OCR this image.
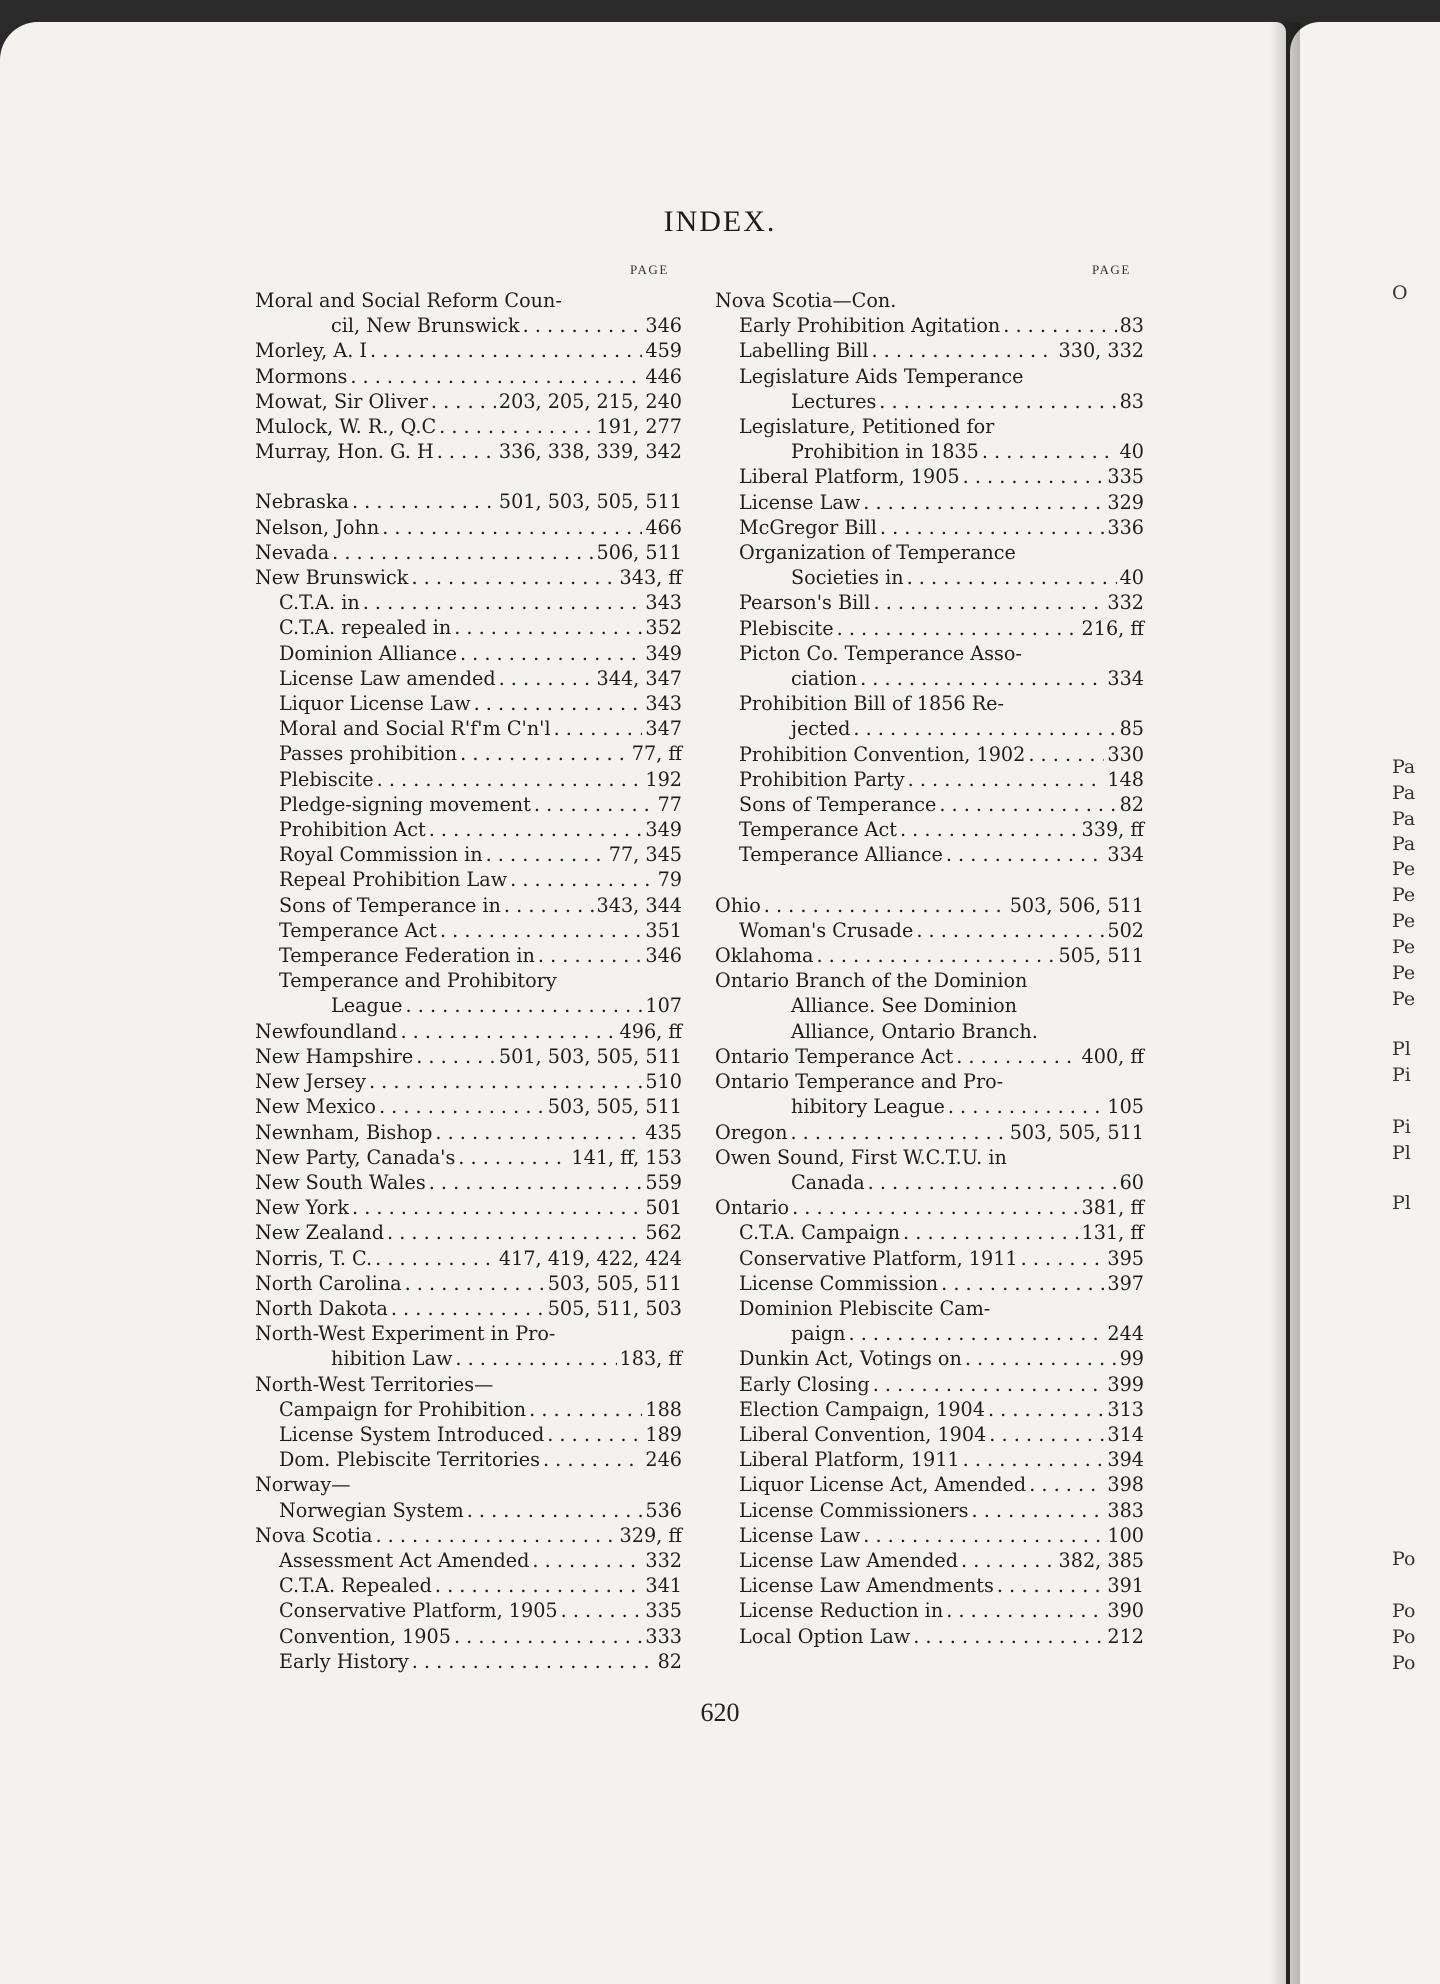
INDEX.
PAGE	PAGE
Moral and Social Reform Coun-
cil, New Brunswick . . .	346
Morley, A. I . . .	459
Mormons . . .	446
Mowat, Sir Oliver . . .	203, 205, 215, 240
Mulock, W. R., Q.C . . .	191, 277
Murray, Hon. G. H . . .	336, 338, 339, 342
Nebraska . . .	501, 503, 505, 511
Nelson, John . . .	466
Nevada . . .	506, 511
New Brunswick . . .	343, ff
C.T.A. in . . .	343
C.T.A. repealed in . . .	352
Dominion Alliance . . .	349
License Law amended . . .	344, 347
Liquor License Law . . .	343
Moral and Social R'f'm C'n'l . . .	347
Passes prohibition . . .	77, ff
Plebiscite . . .	192
Pledge-signing movement . . .	77
Prohibition Act . . .	349
Royal Commission in . . .	77, 345
Repeal Prohibition Law . . .	79
Sons of Temperance in . . .	343, 344
Temperance Act . . .	351
Temperance Federation in . . .	346
Temperance and Prohibitory
League . . .	107
Newfoundland . . .	496, ff
New Hampshire . . .	501, 503, 505, 511
New Jersey . . .	510
New Mexico . . .	503, 505, 511
Newnham, Bishop . . .	435
New Party, Canada's . . .	141, ff, 153
New South Wales . . .	559
New York . . .	501
New Zealand . . .	562
Norris, T. C. . . .	417, 419, 422, 424
North Carolina . . .	503, 505, 511
North Dakota . . .	505, 511, 503
North-West Experiment in Pro-
hibition Law . . .	183, ff
North-West Territories—
Campaign for Prohibition . . .	188
License System Introduced . . .	189
Dom. Plebiscite Territories . . .	246
Norway—
Norwegian System . . .	536
Nova Scotia . . .	329, ff
Assessment Act Amended . . .	332
C.T.A. Repealed . . .	341
Conservative Platform, 1905 . . .	335
Convention, 1905 . . .	333
Early History . . .	82
Nova Scotia—Con.
Early Prohibition Agitation . . .	83
Labelling Bill . . .	330, 332
Legislature Aids Temperance
Lectures . . .	83
Legislature, Petitioned for
Prohibition in 1835 . . .	40
Liberal Platform, 1905 . . .	335
License Law . . .	329
McGregor Bill . . .	336
Organization of Temperance
Societies in . . .	40
Pearson's Bill . . .	332
Plebiscite . . .	216, ff
Picton Co. Temperance Asso-
ciation . . .	334
Prohibition Bill of 1856 Re-
jected . . .	85
Prohibition Convention, 1902 . . .	330
Prohibition Party . . .	148
Sons of Temperance . . .	82
Temperance Act . . .	339, ff
Temperance Alliance . . .	334
Ohio . . .	503, 506, 511
Woman's Crusade . . .	502
Oklahoma . . .	505, 511
Ontario Branch of the Dominion
Alliance. See Dominion
Alliance, Ontario Branch.
Ontario Temperance Act . . .	400, ff
Ontario Temperance and Pro-
hibitory League . . .	105
Oregon . . .	503, 505, 511
Owen Sound, First W.C.T.U. in
Canada . . .	60
Ontario . . .	381, ff
C.T.A. Campaign . . .	131, ff
Conservative Platform, 1911 . . .	395
License Commission . . .	397
Dominion Plebiscite Cam-
paign . . .	244
Dunkin Act, Votings on . . .	99
Early Closing . . .	399
Election Campaign, 1904 . . .	313
Liberal Convention, 1904 . . .	314
Liberal Platform, 1911 . . .	394
Liquor License Act, Amended . . .	398
License Commissioners . . .	383
License Law . . .	100
License Law Amended . . .	382, 385
License Law Amendments . . .	391
License Reduction in . . .	390
Local Option Law . . .	212
620
O
Pa
Pa
Pa
Pa
Pe
Pe
Pe
Pe
Pe
Pe
Pl
Pi
Pi
Pl
Pl
Po
Po
Po
Po
